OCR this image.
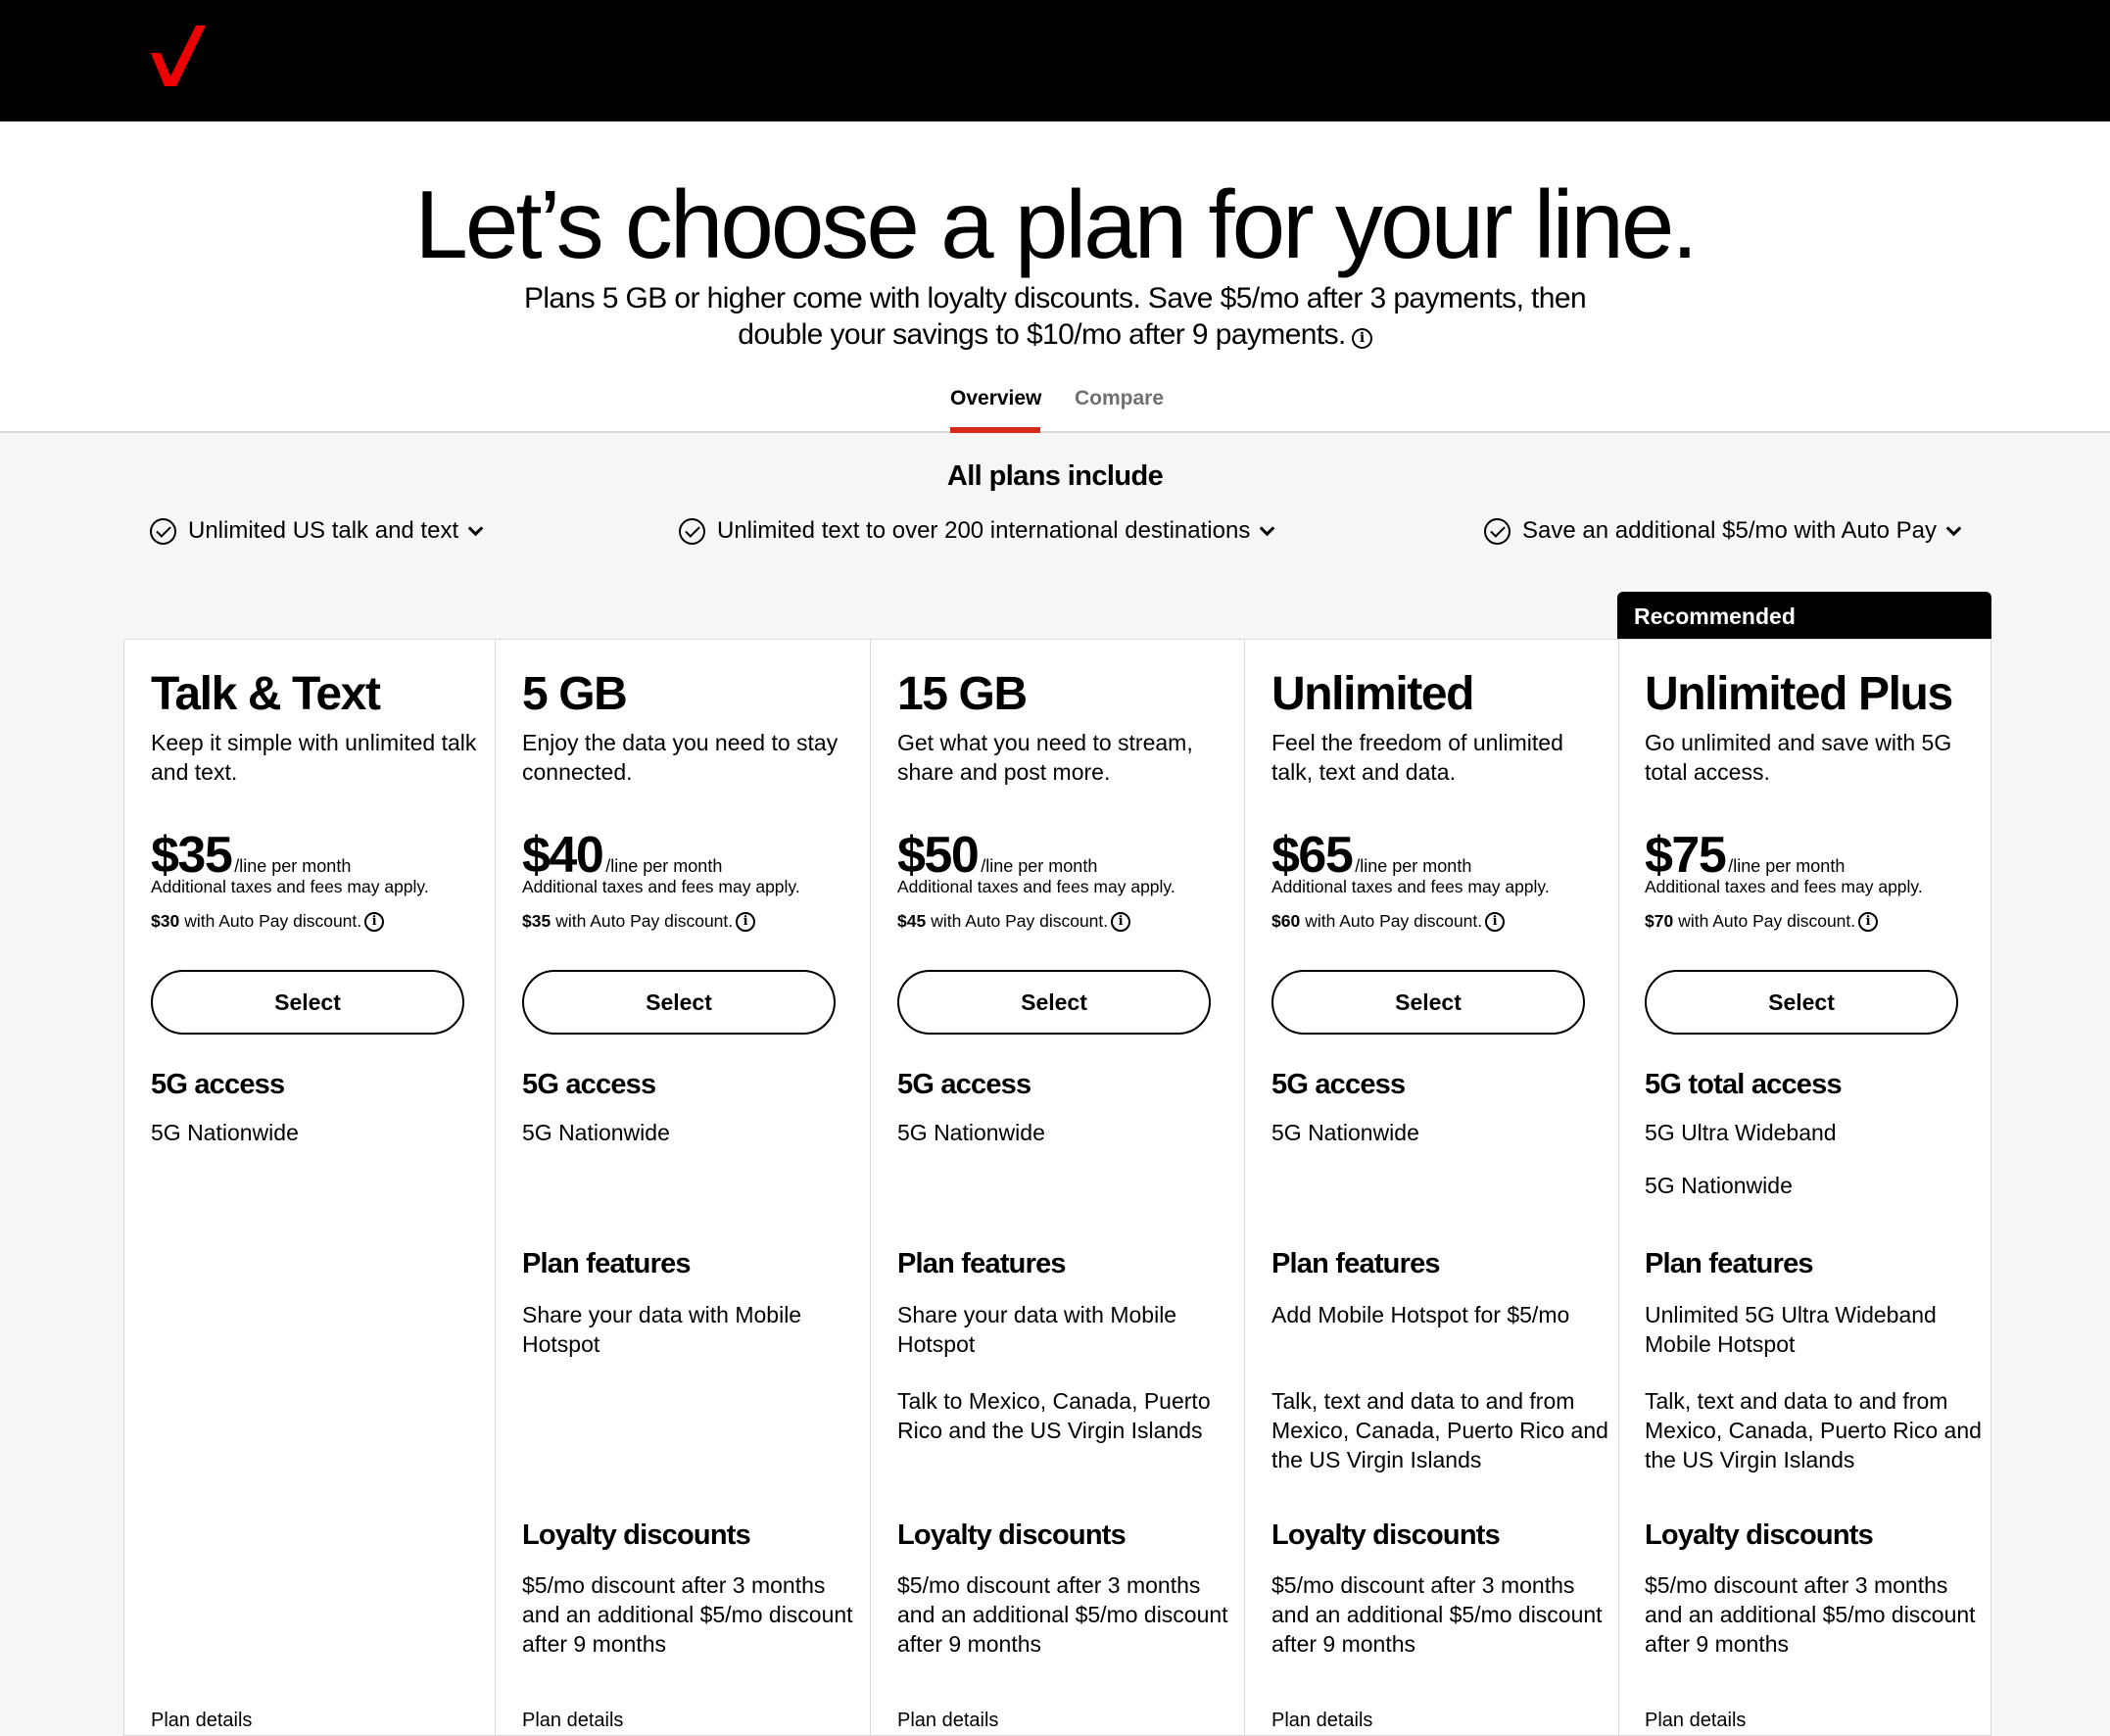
Let’s choose a plan for your line.

Plans 5 GB or higher come with loyalty discounts. Save $5/mo after 3 payments, then double your savings to $10/mo after 9 payments. i

Overview Compare
All plans include
Unlimited US talk and text	Unlimited text to over 200 international destinations	Save an additional $5/mo with Auto Pay
Recommended
Talk & Text
Keep it simple with unlimited talk and text.
$35 /line per month
Additional taxes and fees may apply.
$30 with Auto Pay discount. i
Select
5G access
5G Nationwide
Plan details
5 GB
Enjoy the data you need to stay connected.
$40 /line per month
Additional taxes and fees may apply.
$35 with Auto Pay discount. i
Select
5G access
5G Nationwide
Plan features
Share your data with Mobile Hotspot
Loyalty discounts
$5/mo discount after 3 months and an additional $5/mo discount after 9 months
Plan details
15 GB
Get what you need to stream, share and post more.
$50 /line per month
Additional taxes and fees may apply.
$45 with Auto Pay discount. i
Select
5G access
5G Nationwide
Plan features
Share your data with Mobile Hotspot
Talk to Mexico, Canada, Puerto Rico and the US Virgin Islands
Loyalty discounts
$5/mo discount after 3 months and an additional $5/mo discount after 9 months
Plan details
Unlimited
Feel the freedom of unlimited talk, text and data.
$65 /line per month
Additional taxes and fees may apply.
$60 with Auto Pay discount. i
Select
5G access
5G Nationwide
Plan features
Add Mobile Hotspot for $5/mo
Talk, text and data to and from Mexico, Canada, Puerto Rico and the US Virgin Islands
Loyalty discounts
$5/mo discount after 3 months and an additional $5/mo discount after 9 months
Plan details
Unlimited Plus
Go unlimited and save with 5G total access.
$75 /line per month
Additional taxes and fees may apply.
$70 with Auto Pay discount. i
Select
5G total access
5G Ultra Wideband
5G Nationwide
Plan features
Unlimited 5G Ultra Wideband Mobile Hotspot
Talk, text and data to and from Mexico, Canada, Puerto Rico and the US Virgin Islands
Loyalty discounts
$5/mo discount after 3 months and an additional $5/mo discount after 9 months
Plan details
